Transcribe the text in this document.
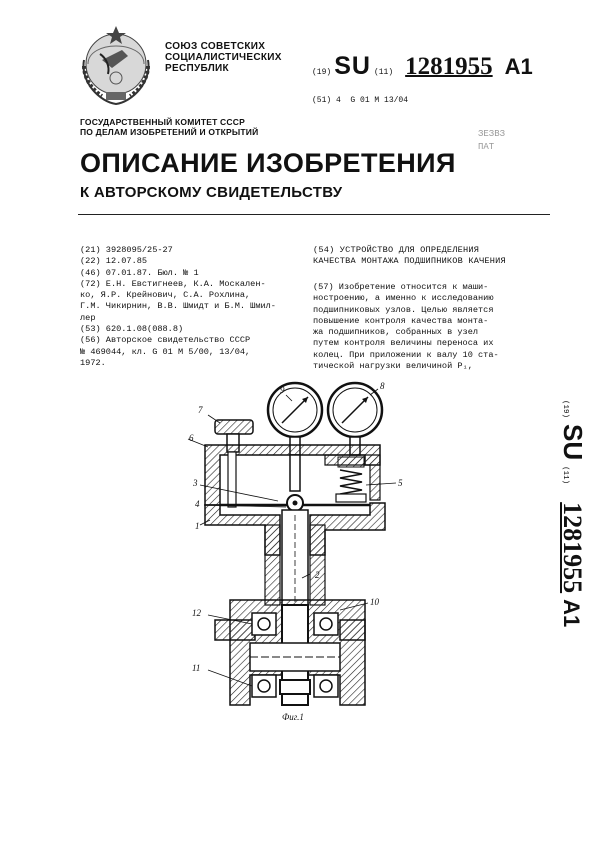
СОЮЗ СОВЕТСКИХ
СОЦИАЛИСТИЧЕСКИХ
РЕСПУБЛИК	(19) SU (11) 1281955 A1
(51) 4 G 01 M 13/04
ГОСУДАРСТВЕННЫЙ КОМИТЕТ СССР
ПО ДЕЛАМ ИЗОБРЕТЕНИЙ И ОТКРЫТИЙ	ЗЕЗВЗ
ПАТ
ОПИСАНИЕ ИЗОБРЕТЕНИЯ
К АВТОРСКОМУ СВИДЕТЕЛЬСТВУ
(21) 3928095/25-27
(22) 12.07.85
(46) 07.01.87. Бюл. № 1
(72) Е.Н. Евстигнеев, К.А. Москален-
ко, Я.Р. Крейнович, С.А. Рохлина,
Г.М. Чикирнин, В.В. Шмидт и Б.М. Шмил-
лер
(53) 620.1.08(088.8)
(56) Авторское свидетельство СССР
№ 469044, кл. G 01 M 5/00, 13/04,
1972.
(54) УСТРОЙСТВО ДЛЯ ОПРЕДЕЛЕНИЯ
КАЧЕСТВА МОНТАЖА ПОДШИПНИКОВ КАЧЕНИЯ
(57) Изобретение относится к маши-
ностроению, а именно к исследованию
подшипниковых узлов. Целью является
повышение контроля качества монта-
жа подшипников, собранных в узел
путем контроля величины переноса их
колец. При приложении к валу 10 ста-
тической нагрузки величиной P₁,
(19)
SU
(11)
1281955
A1
7
6
3
4
1
9	8
5
2
10
12
11
Фиг.1
